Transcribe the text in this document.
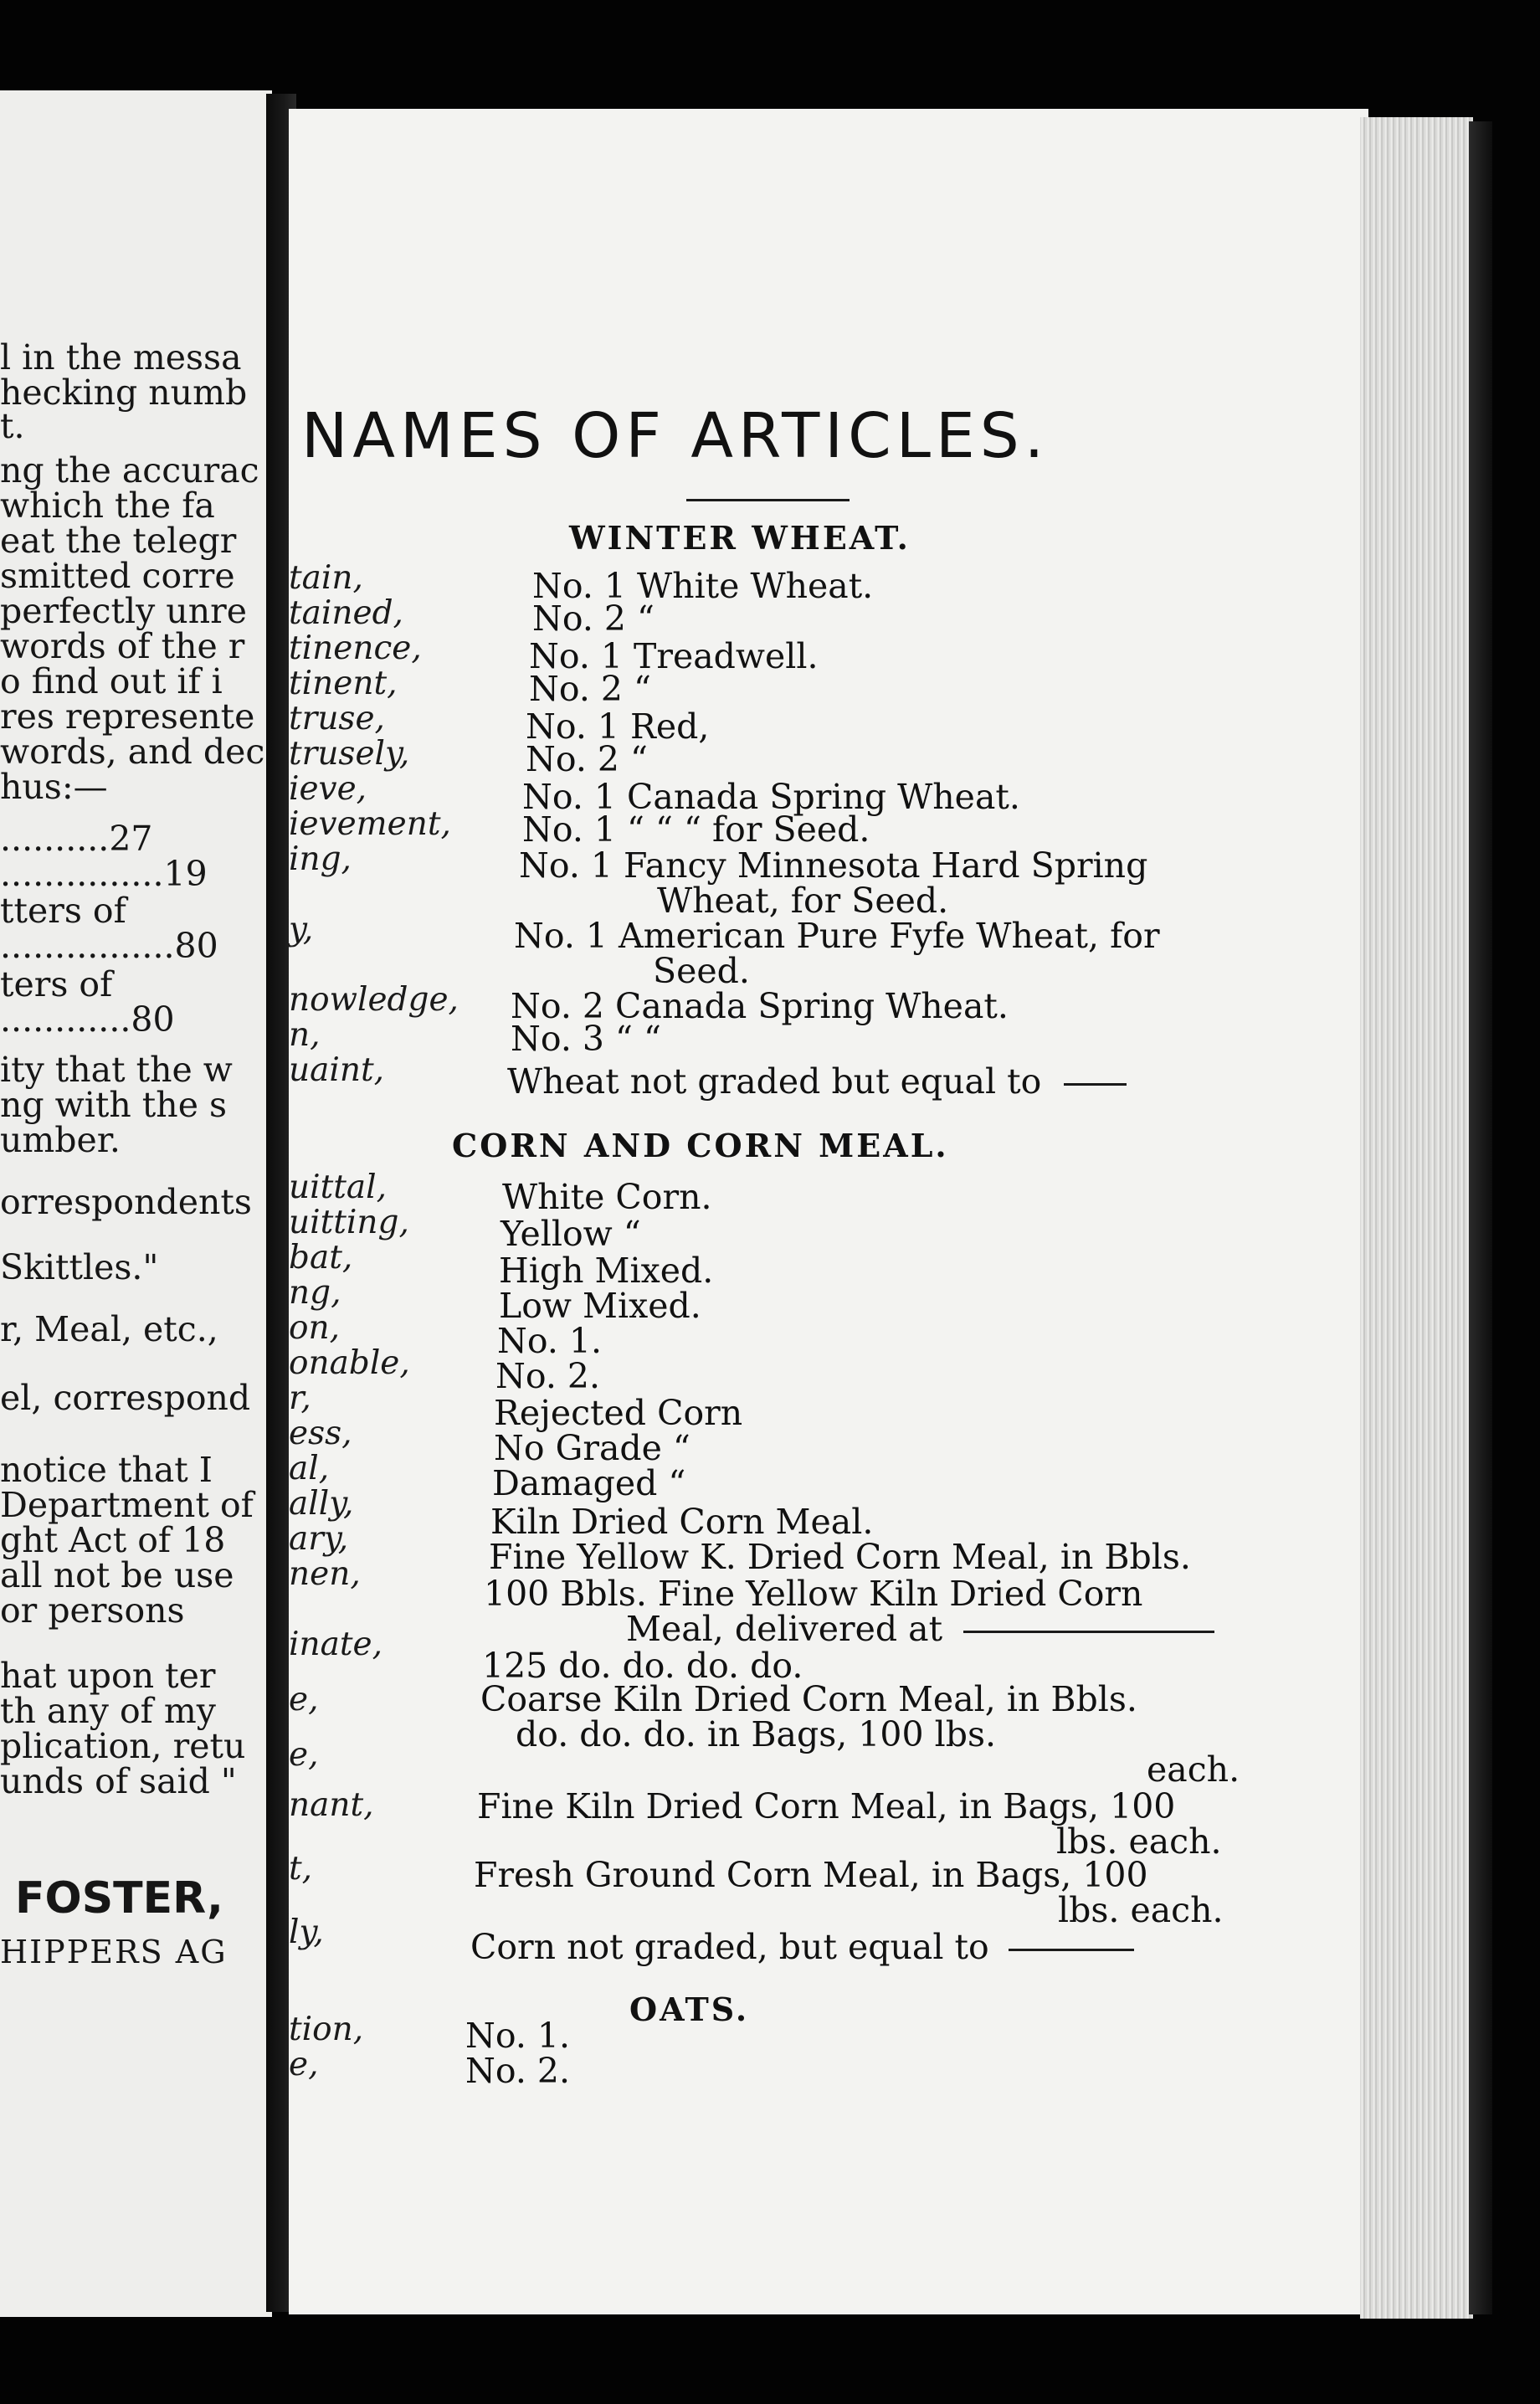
l in the messa
hecking numb
t.
ng the accurac
which the fa
eat the telegr
smitted corre
perfectly unre
words of the r
o find out if i
res represente
words, and dec
hus:—
..........27
...............19
tters of
................80
ters of
............80
ity that the w
ng with the s
umber.
orrespondents
Skittles."
r, Meal, etc.,
el, correspond
notice that I
Department of
ght Act of 18
all not be use
or persons
hat upon ter
th any of my
plication, retu
unds of said "
FOSTER,
HIPPERS AG
tain,
tained,
tinence,
tinent,
truse,
trusely,
ieve,
ievement,
ing,
y,
nowledge,
n,
uaint,
uittal,
uitting,
bat,
ng,
on,
onable,
r,
ess,
al,
ally,
ary,
nen,
inate,
e,
e,
nant,
t,
ly,
tion,
e,
NAMES OF ARTICLES.
WINTER WHEAT.
No. 1 White Wheat.
No. 2 “
No. 1 Treadwell.
No. 2 “
No. 1 Red,
No. 2 “
No. 1 Canada Spring Wheat.
No. 1 “ “ “ for Seed.
No. 1 Fancy Minnesota Hard Spring
Wheat, for Seed.
No. 1 American Pure Fyfe Wheat, for
Seed.
No. 2 Canada Spring Wheat.
No. 3 “ “
Wheat not graded but equal to
CORN AND CORN MEAL.
White Corn.
Yellow “
High Mixed.
Low Mixed.
No. 1.
No. 2.
Rejected Corn
No Grade “
Damaged “
Kiln Dried Corn Meal.
Fine Yellow K. Dried Corn Meal, in Bbls.
100 Bbls. Fine Yellow Kiln Dried Corn
Meal, delivered at
125 do. do. do. do.
Coarse Kiln Dried Corn Meal, in Bbls.
do. do. do. in Bags, 100 lbs.
each.
Fine Kiln Dried Corn Meal, in Bags, 100
lbs. each.
Fresh Ground Corn Meal, in Bags, 100
lbs. each.
Corn not graded, but equal to
OATS.
No. 1.
No. 2.
